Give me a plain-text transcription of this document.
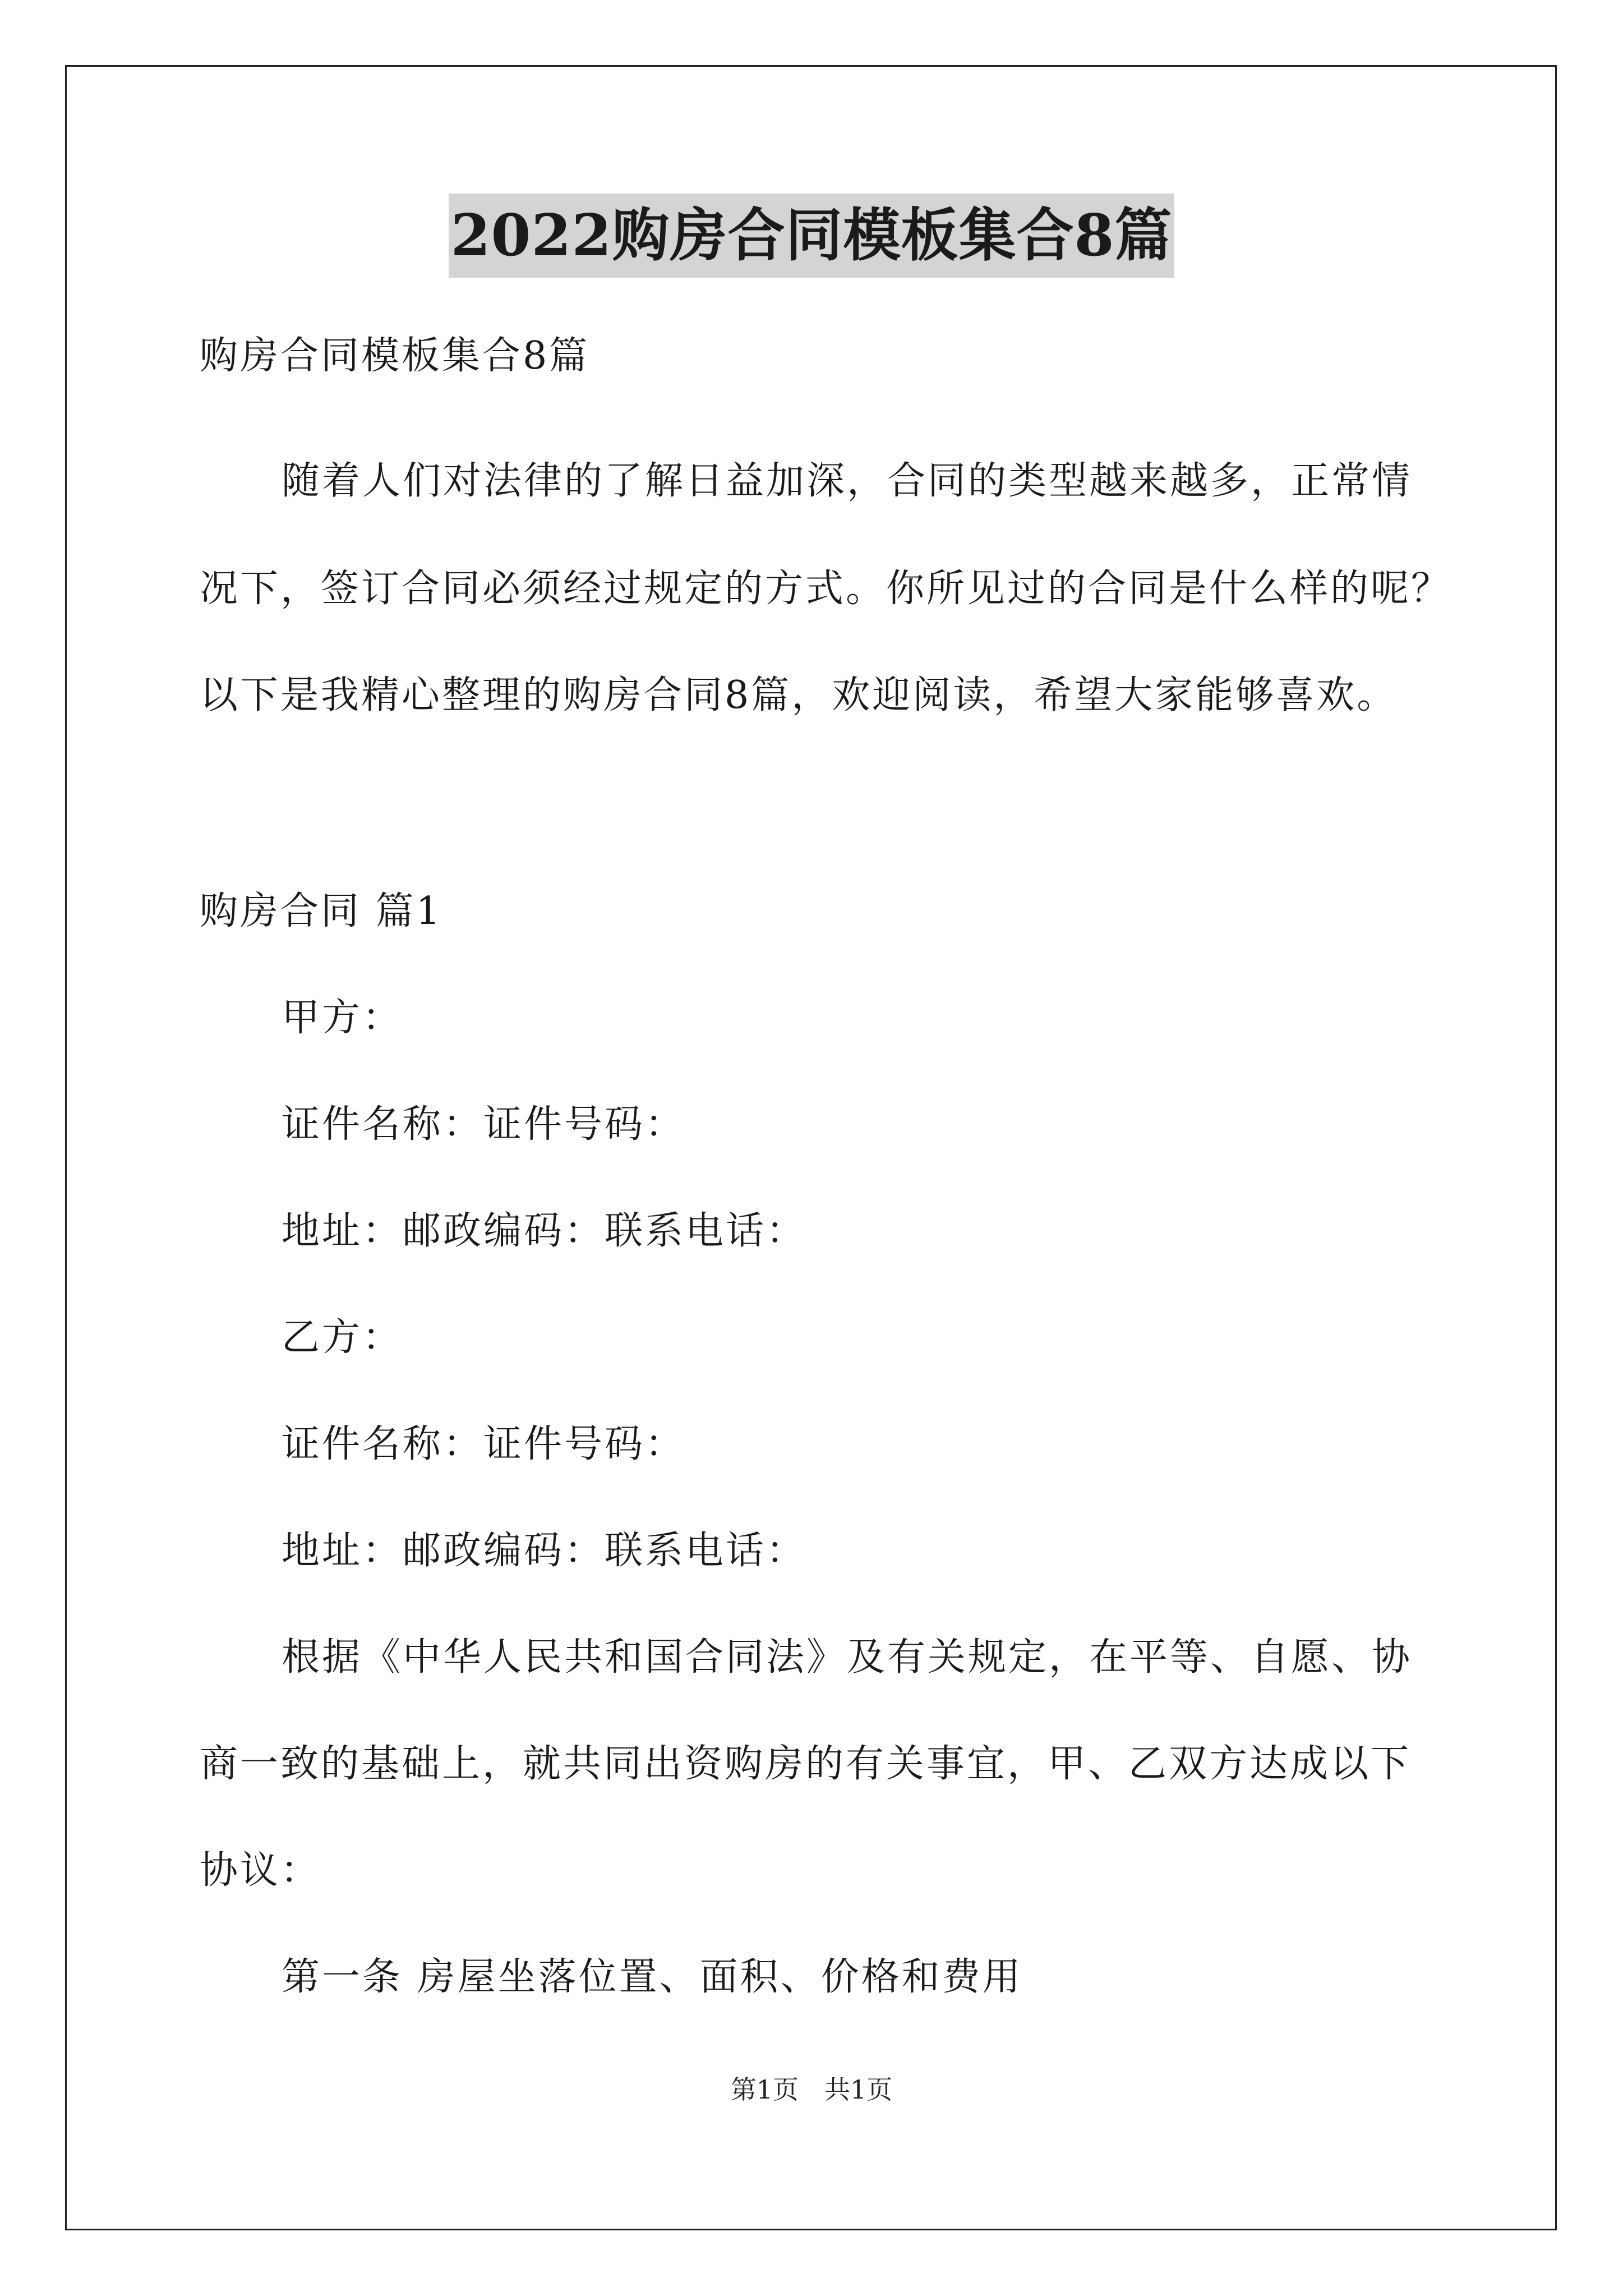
2022购房合同模板集合8篇

购房合同模板集合8篇

随着人们对法律的了解日益加深，合同的类型越来越多，正常情

况下，签订合同必须经过规定的方式。你所见过的合同是什么样的呢？

以下是我精心整理的购房合同8篇，欢迎阅读，希望大家能够喜欢。

购房合同 篇1

甲方：

证件名称：证件号码：

地址：邮政编码：联系电话：

乙方：

证件名称：证件号码：

地址：邮政编码：联系电话：

根据《中华人民共和国合同法》及有关规定，在平等、自愿、协

商一致的基础上，就共同出资购房的有关事宜，甲、乙双方达成以下

协议：

第一条 房屋坐落位置、面积、价格和费用

第1页 共1页
